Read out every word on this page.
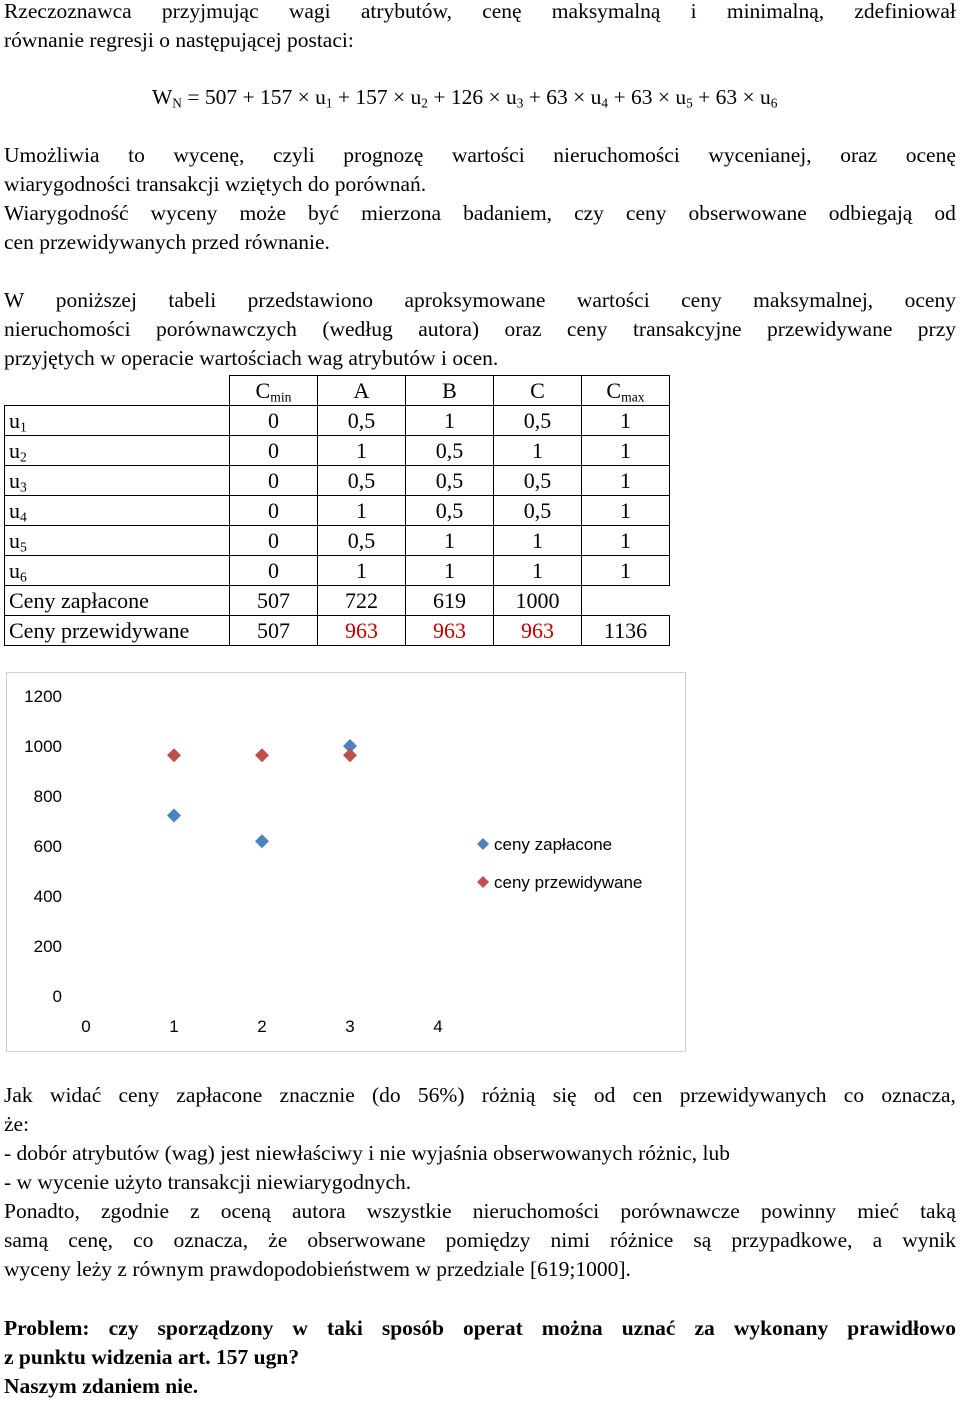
Rzeczoznawca przyjmując wagi atrybutów, cenę maksymalną i minimalną, zdefiniował
równanie regresji o następującej postaci:
$W_N = 507 + 157 \times u_1 + 157 \times u_2 + 126 \times u_3 + 63 \times u_4 + 63 \times u_5 + 63 \times u_6$
Umożliwia to wycenę, czyli prognozę wartości nieruchomości wycenianej, oraz ocenę
wiarygodności transakcji wziętych do porównań.
Wiarygodność wyceny może być mierzona badaniem, czy ceny obserwowane odbiegają od
cen przewidywanych przed równanie.
W poniższej tabeli przedstawiono aproksymowane wartości ceny maksymalnej, oceny
nieruchomości porównawczych (według autora) oraz ceny transakcyjne przewidywane przy
przyjętych w operacie wartościach wag atrybutów i ocen.
	$C_{min}$	A	B	C	$C_{max}$
$u_1$	0	0,5	1	0,5	1
$u_2$	0	1	0,5	1	1
$u_3$	0	0,5	0,5	0,5	1
$u_4$	0	1	0,5	0,5	1
$u_5$	0	0,5	1	1	1
$u_6$	0	1	1	1	1
Ceny zapłacone	507	722	619	1000	
Ceny przewidywane	507	963	963	963	1136
0
200
400
600
800
1000
1200
0	1	2	3	4
ceny zapłacone
ceny przewidywane
Jak widać ceny zapłacone znacznie (do 56%) różnią się od cen przewidywanych co oznacza,
że:
- dobór atrybutów (wag) jest niewłaściwy i nie wyjaśnia obserwowanych różnic, lub
- w wycenie użyto transakcji niewiarygodnych.
Ponadto, zgodnie z oceną autora wszystkie nieruchomości porównawcze powinny mieć taką
samą cenę, co oznacza, że obserwowane pomiędzy nimi różnice są przypadkowe, a wynik
wyceny leży z równym prawdopodobieństwem w przedziale [619;1000].
Problem: czy sporządzony w taki sposób operat można uznać za wykonany prawidłowo
z punktu widzenia art. 157 ugn?
Naszym zdaniem nie.
